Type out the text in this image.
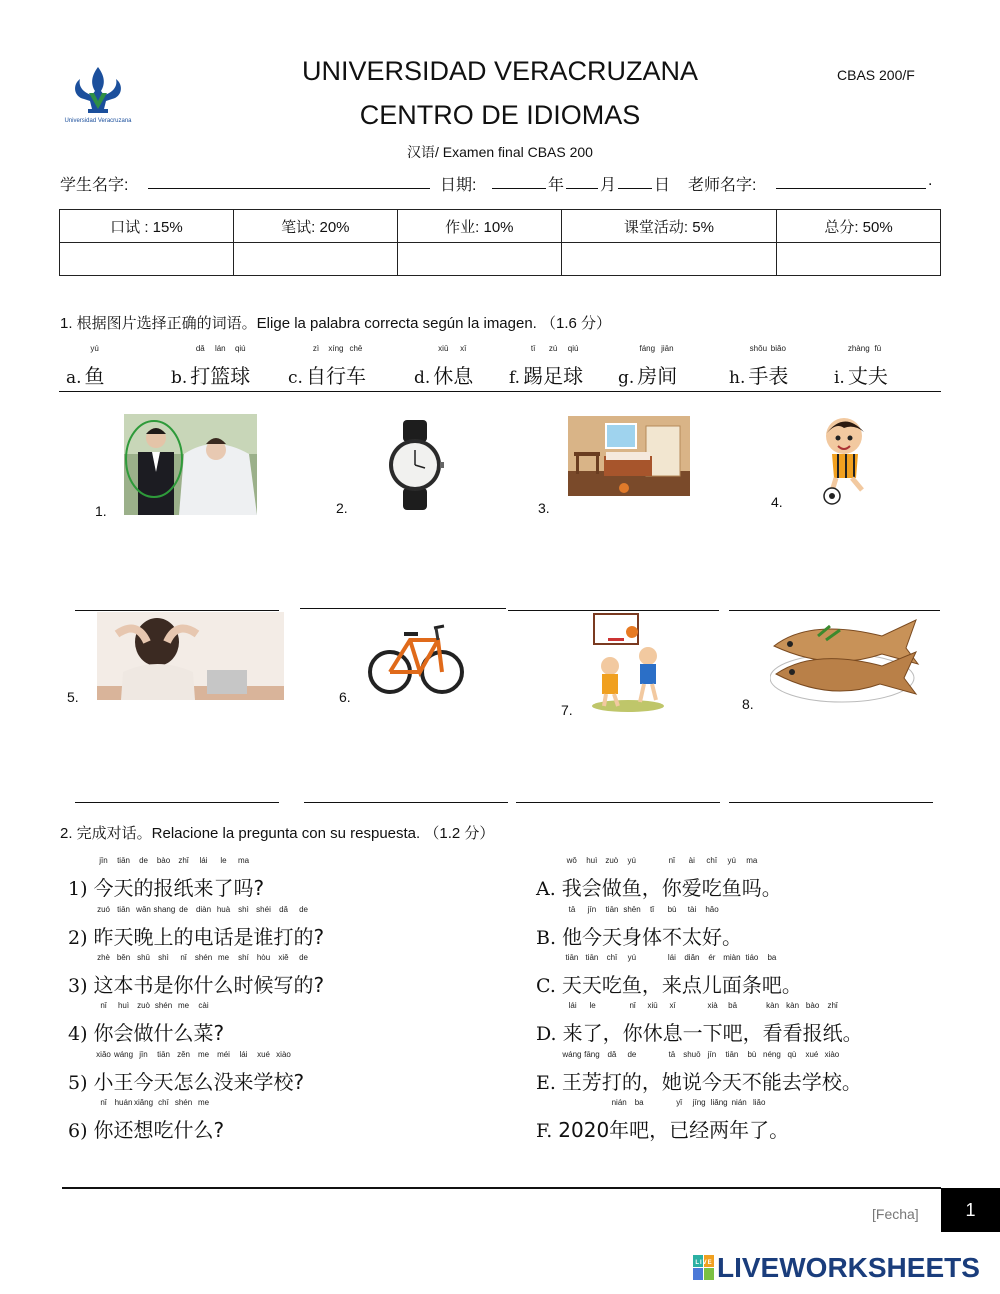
Universidad Veracruzana
UNIVERSIDAD VERACRUZANA
CENTRO DE IDIOMAS
CBAS 200/F
汉语/ Examen final CBAS 200
学生名字:	日期:	年 月 日 老师名字:	.
口试 : 15%	笔试: 20%	作业: 10%	课堂活动: 5%	总分: 50%

1. 根据图片选择正确的词语。Elige la palabra correcta según la imagen. （1.6 分）
a.
yú
鱼	b.
dǎ
打
lán
篮
qiú
球 c.
zì
自
xíng
行
chē
车	d.
xiū
休
xī
息 f.
tī
踢
zú
足
qiú
球 g.
fáng
房
jiān
间	h.
shǒu
手
biǎo
表	i.
zhàng
丈
fū
夫
1.	2.	3.	4.
5.	6.
7.	8.
2. 完成对话。Relacione la pregunta con su respuesta. （1.2 分）
1)
jīn
今
tiān
天
de
的
bào
报
zhǐ
纸
lái
来
le
了
ma
吗
?
2)
zuó
昨
tiān
天
wǎn
晚
shang
上
de
的
diàn
电
huà
话
shì
是
shéi
谁
dǎ
打
de
的
?
3)
zhè
这
běn
本
shū
书
shì
是
nǐ
你
shén
什
me
么
shí
时
hòu
候
xiě
写
de
的
?
4)
nǐ
你
huì
会
zuò
做
shén
什
me
么
cài
菜
?
5)
xiǎo
小
wáng
王
jīn
今
tiān
天
zěn
怎
me
么
méi
没
lái
来
xué
学
xiào
校
?
6)
nǐ
你
huán
还
xiǎng
想
chī
吃
shén
什
me
么
?
A.
wǒ
我
huì
会
zuò
做
yú
鱼
，
nǐ
你
ài
爱
chī
吃
yú
鱼
ma
吗
。
B.
tā
他
jīn
今
tiān
天
shēn
身
tǐ
体
bù
不
tài
太
hǎo
好
。
C.
tiān
天
tiān
天
chī
吃
yú
鱼
，
lái
来
diǎn
点
ér
儿
miàn
面
tiáo
条
ba
吧
。
D.
lái
来
le
了
，
nǐ
你
xiū
休
xī
息
一
xià
下
bā
吧
，
kàn
看
kàn
看
bào
报
zhǐ
纸
。
E.
wáng
王
fāng
芳
dǎ
打
de
的
，
tā
她
shuō
说
jīn
今
tiān
天
bù
不
néng
能
qù
去
xué
学
xiào
校
。
F. 2020
nián
年
ba
吧
，
yǐ
已
jīng
经
liǎng
两
nián
年
liǎo
了
。
[Fecha]	1
LIVE LIVEWORKSHEETS
